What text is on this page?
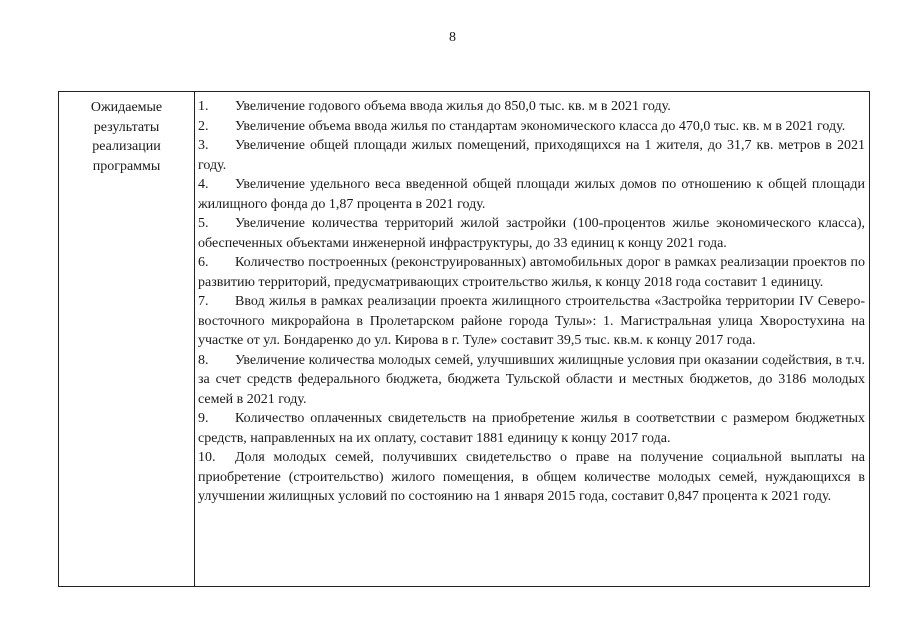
8
Ожидаемые
результаты
реализации
программы

1. Увеличение годового объема ввода жилья до 850,0 тыс. кв. м в 2021 году.

2. Увеличение объема ввода жилья по стандартам экономического класса до 470,0 тыс. кв. м в 2021 году.

3. Увеличение общей площади жилых помещений, приходящихся на 1 жителя, до 31,7 кв. метров в 2021 году.

4. Увеличение удельного веса введенной общей площади жилых домов по отношению к общей площади жилищного фонда до 1,87 процента в 2021 году.

5. Увеличение количества территорий жилой застройки (100-процентов жилье экономического класса), обеспеченных объектами инженерной инфраструктуры, до 33 единиц к концу 2021 года.

6. Количество построенных (реконструированных) автомобильных дорог в рамках реализации проектов по развитию территорий, предусматривающих строительство жилья, к концу 2018 года составит 1 единицу.

7. Ввод жилья в рамках реализации проекта жилищного строительства «Застройка территории IV Северо-восточного микрорайона в Пролетарском районе города Тулы»: 1. Магистральная улица Хворостухина на участке от ул. Бондаренко до ул. Кирова в г. Туле» составит 39,5 тыс. кв.м. к концу 2017 года.

8. Увеличение количества молодых семей, улучшивших жилищные условия при оказании содействия, в т.ч. за счет средств федерального бюджета, бюджета Тульской области и местных бюджетов, до 3186 молодых семей в 2021 году.

9. Количество оплаченных свидетельств на приобретение жилья в соответствии с размером бюджетных средств, направленных на их оплату, составит 1881 единицу к концу 2017 года.

10. Доля молодых семей, получивших свидетельство о праве на получение социальной выплаты на приобретение (строительство) жилого помещения, в общем количестве молодых семей, нуждающихся в улучшении жилищных условий по состоянию на 1 января 2015 года, составит 0,847 процента к 2021 году.
